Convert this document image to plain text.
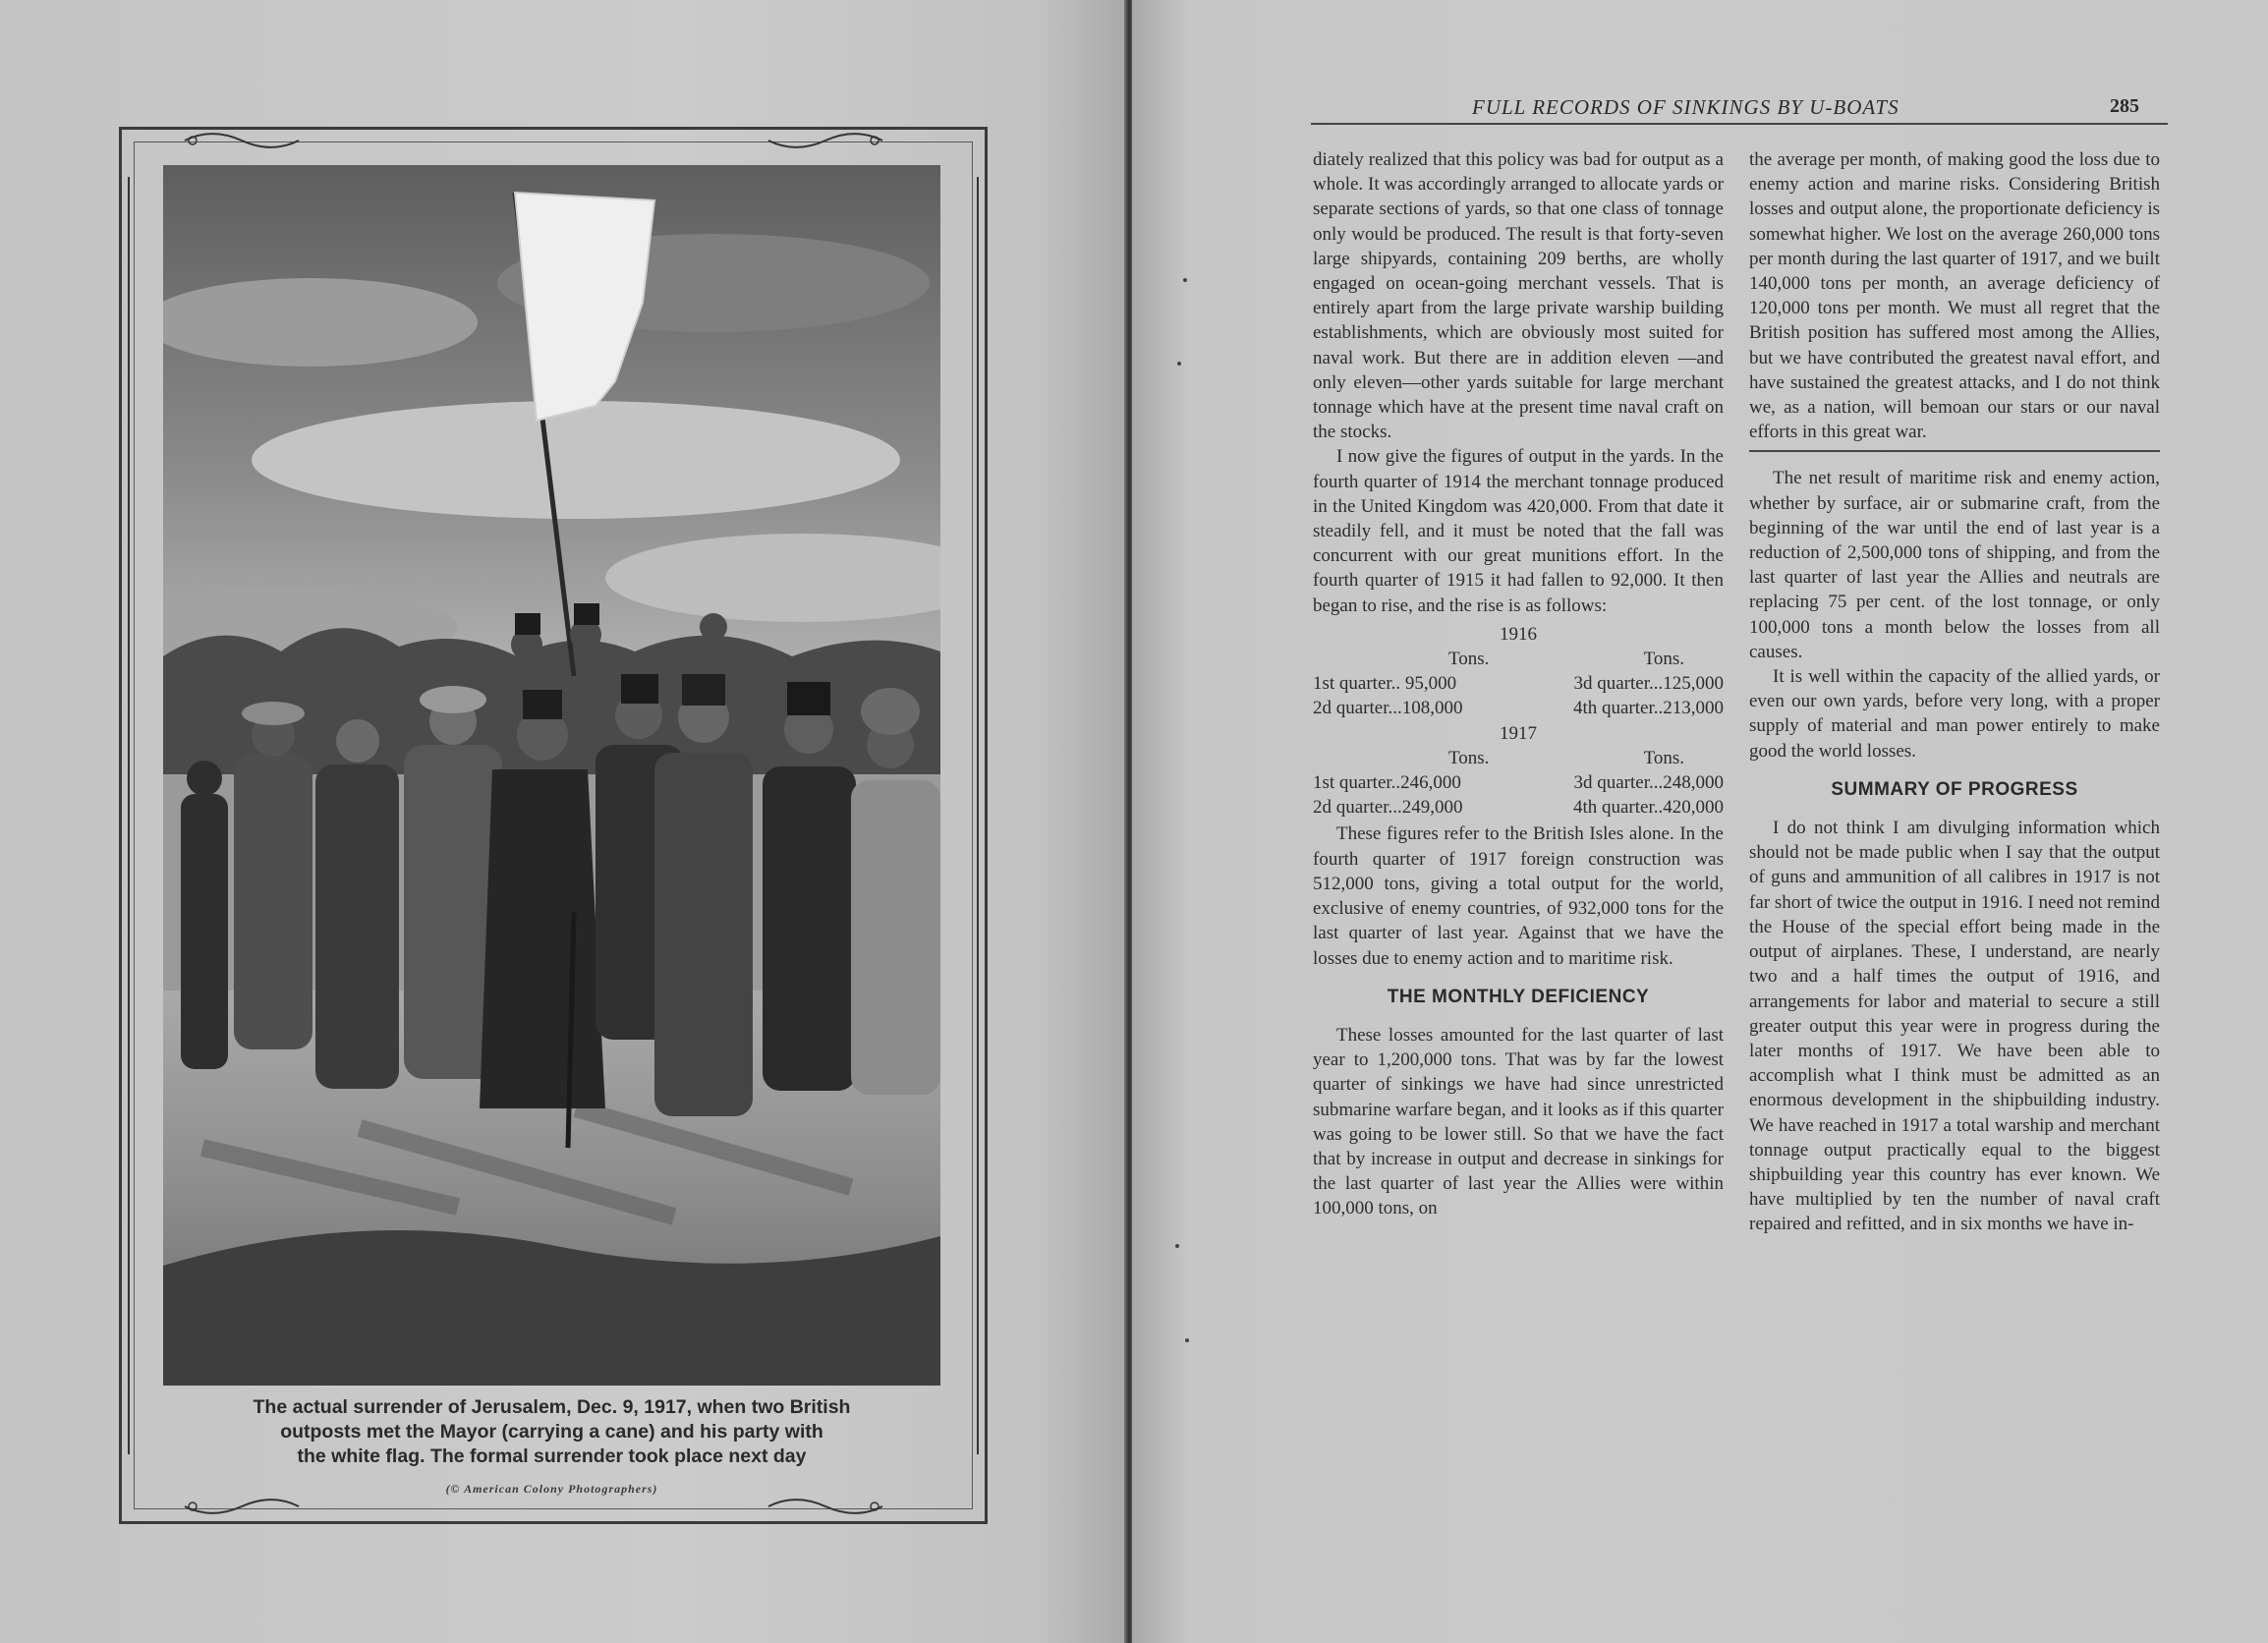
The actual surrender of Jerusalem, Dec. 9, 1917, when two British
outposts met the Mayor (carrying a cane) and his party with
the white flag. The formal surrender took place next day
(© American Colony Photographers)
FULL RECORDS OF SINKINGS BY U-BOATS	285

diately realized that this policy was bad for output as a whole. It was accordingly arranged to allocate yards or separate sections of yards, so that one class of tonnage only would be produced. The result is that forty-seven large shipyards, containing 209 berths, are wholly engaged on ocean-going merchant vessels. That is entirely apart from the large private warship building establishments, which are obviously most suited for naval work. But there are in addition eleven —and only eleven—other yards suitable for large merchant tonnage which have at the present time naval craft on the stocks.

I now give the figures of output in the yards. In the fourth quarter of 1914 the merchant tonnage produced in the United Kingdom was 420,000. From that date it steadily fell, and it must be noted that the fall was concurrent with our great munitions effort. In the fourth quarter of 1915 it had fallen to 92,000. It then began to rise, and the rise is as follows:

1916
Tons.	Tons.
1st quarter.. 95,000	3d quarter...125,000
2d quarter...108,000	4th quarter..213,000
1917
Tons.	Tons.
1st quarter..246,000	3d quarter...248,000
2d quarter...249,000	4th quarter..420,000

These figures refer to the British Isles alone. In the fourth quarter of 1917 foreign construction was 512,000 tons, giving a total output for the world, exclusive of enemy countries, of 932,000 tons for the last quarter of last year. Against that we have the losses due to enemy action and to maritime risk.

THE MONTHLY DEFICIENCY

These losses amounted for the last quarter of last year to 1,200,000 tons. That was by far the lowest quarter of sinkings we have had since unrestricted submarine warfare began, and it looks as if this quarter was going to be lower still. So that we have the fact that by increase in output and decrease in sinkings for the last quarter of last year the Allies were within 100,000 tons, on

the average per month, of making good the loss due to enemy action and marine risks. Considering British losses and output alone, the proportionate deficiency is somewhat higher. We lost on the average 260,000 tons per month during the last quarter of 1917, and we built 140,000 tons per month, an average deficiency of 120,000 tons per month. We must all regret that the British position has suffered most among the Allies, but we have contributed the greatest naval effort, and have sustained the greatest attacks, and I do not think we, as a nation, will bemoan our stars or our naval efforts in this great war.

The net result of maritime risk and enemy action, whether by surface, air or submarine craft, from the beginning of the war until the end of last year is a reduction of 2,500,000 tons of shipping, and from the last quarter of last year the Allies and neutrals are replacing 75 per cent. of the lost tonnage, or only 100,000 tons a month below the losses from all causes.

It is well within the capacity of the allied yards, or even our own yards, before very long, with a proper supply of material and man power entirely to make good the world losses.

SUMMARY OF PROGRESS

I do not think I am divulging information which should not be made public when I say that the output of guns and ammunition of all calibres in 1917 is not far short of twice the output in 1916. I need not remind the House of the special effort being made in the output of airplanes. These, I understand, are nearly two and a half times the output of 1916, and arrangements for labor and material to secure a still greater output this year were in progress during the later months of 1917. We have been able to accomplish what I think must be admitted as an enormous development in the shipbuilding industry. We have reached in 1917 a total warship and merchant tonnage output practically equal to the biggest shipbuilding year this country has ever known. We have multiplied by ten the number of naval craft repaired and refitted, and in six months we have in-
